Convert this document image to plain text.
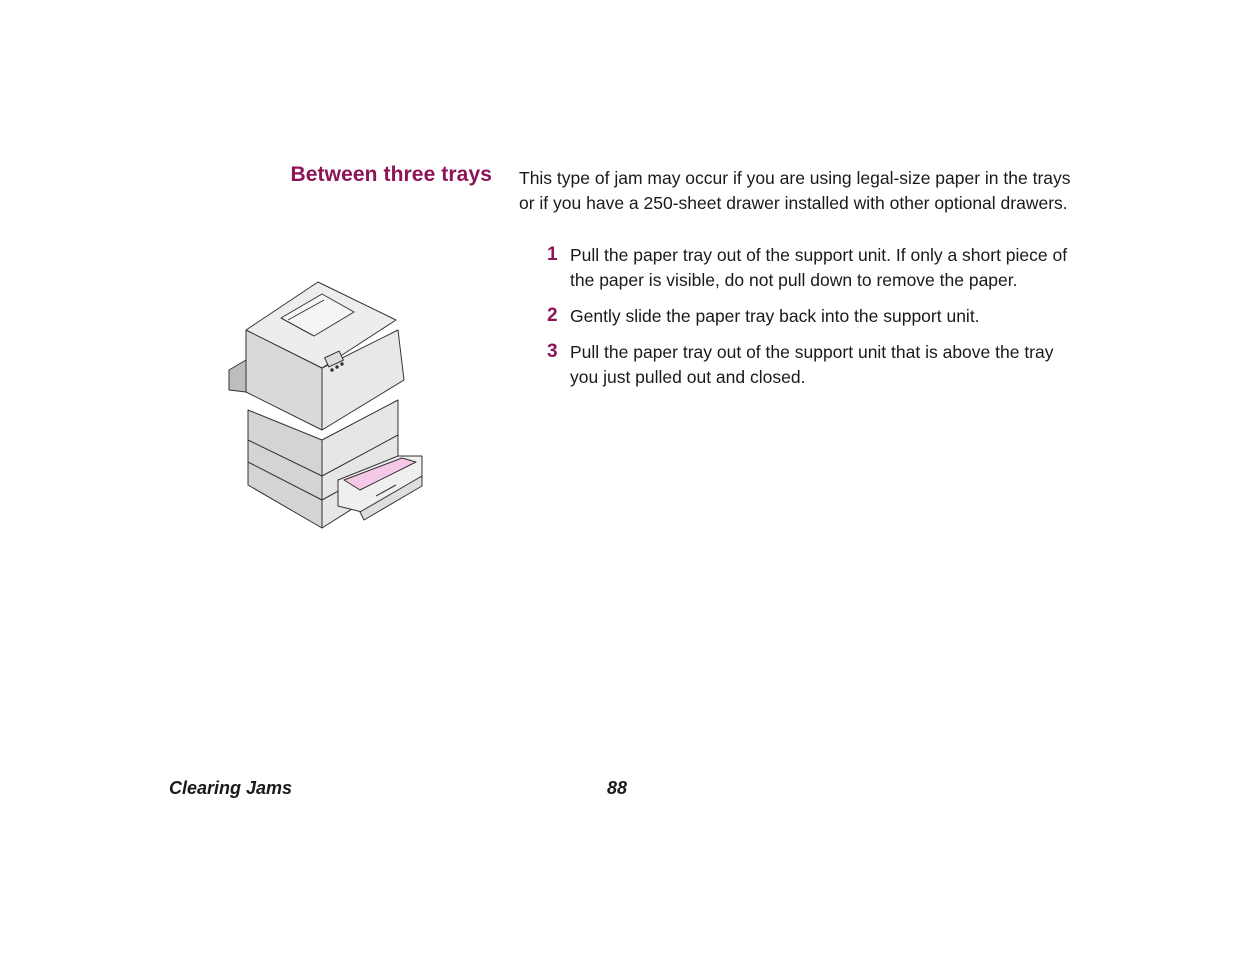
Between three trays This type of jam may occur if you are using legal-size paper in the trays or if you have a 250-sheet drawer installed with other optional drawers.
1 Pull the paper tray out of the support unit. If only a short piece of the paper is visible, do not pull down to remove the paper.
2 Gently slide the paper tray back into the support unit.
3 Pull the paper tray out of the support unit that is above the tray you just pulled out and closed.
Clearing Jams	88
